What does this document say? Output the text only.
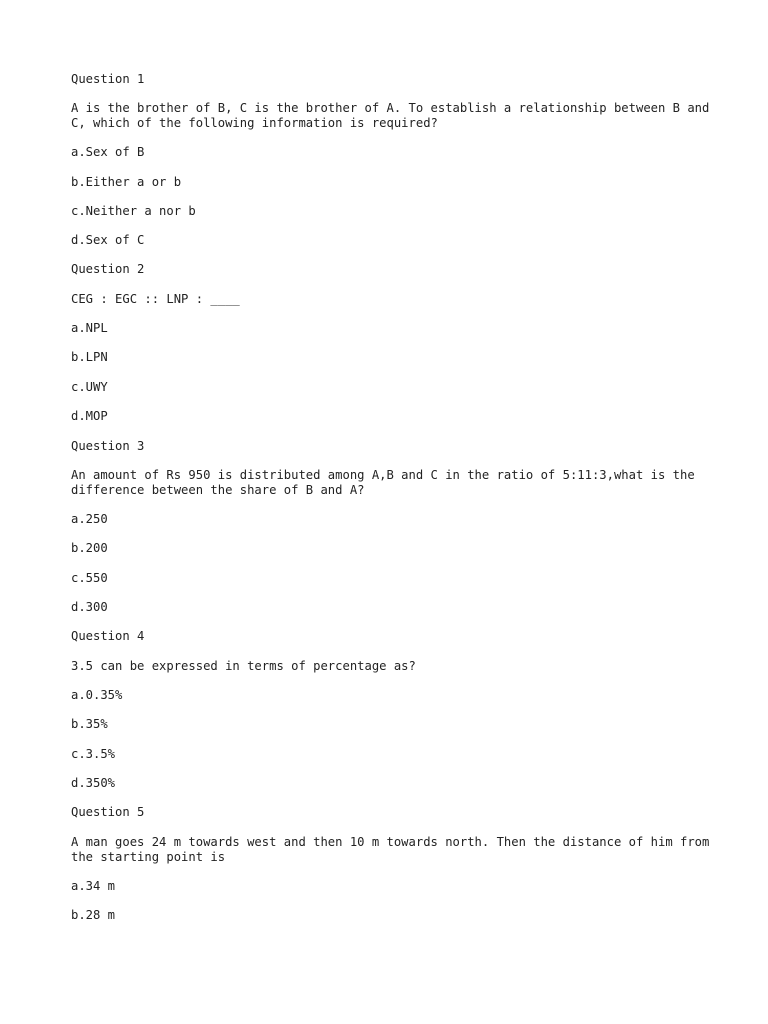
Question 1
A is the brother of B, C is the brother of A. To establish a relationship between B and C, which of the following information is required?
a.Sex of B
b.Either a or b
c.Neither a nor b
d.Sex of C
Question 2
CEG : EGC :: LNP : ____
a.NPL
b.LPN
c.UWY
d.MOP
Question 3
An amount of Rs 950 is distributed among A,B and C in the ratio of 5:11:3,what is the difference between the share of B and A?
a.250
b.200
c.550
d.300
Question 4
3.5 can be expressed in terms of percentage as?
a.0.35%
b.35%
c.3.5%
d.350%
Question 5
A man goes 24 m towards west and then 10 m towards north. Then the distance of him from the starting point is
a.34 m
b.28 m
